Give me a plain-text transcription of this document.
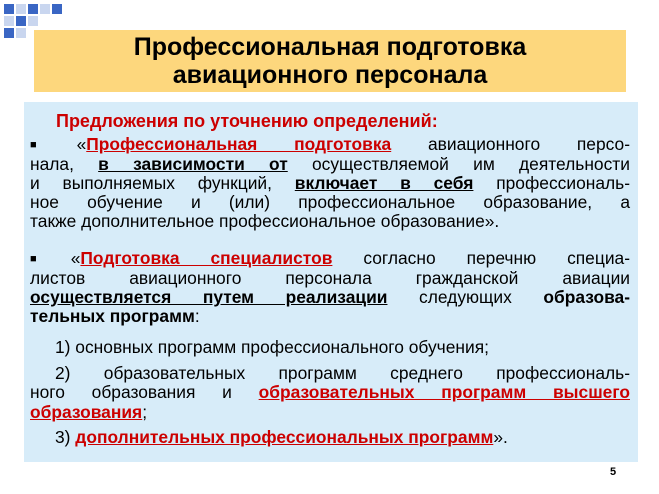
Профессиональная подготовка
авиационного персонала
Предложения по уточнению определений:
■ «Профессиональная подготовка авиационного персо-
нала, в зависимости от осуществляемой им деятельности
и выполняемых функций, включает в себя профессиональ-
ное обучение и (или) профессиональное образование, а
также дополнительное профессиональное образование».
■ «Подготовка специалистов согласно перечню специа-
листов авиационного персонала гражданской авиации
осуществляется путем реализации следующих образова-
тельных программ:
1) основных программ профессионального обучения;
2) образовательных программ среднего профессиональ-
ного образования и образовательных программ высшего
образования;
3) дополнительных профессиональных программ».
5
